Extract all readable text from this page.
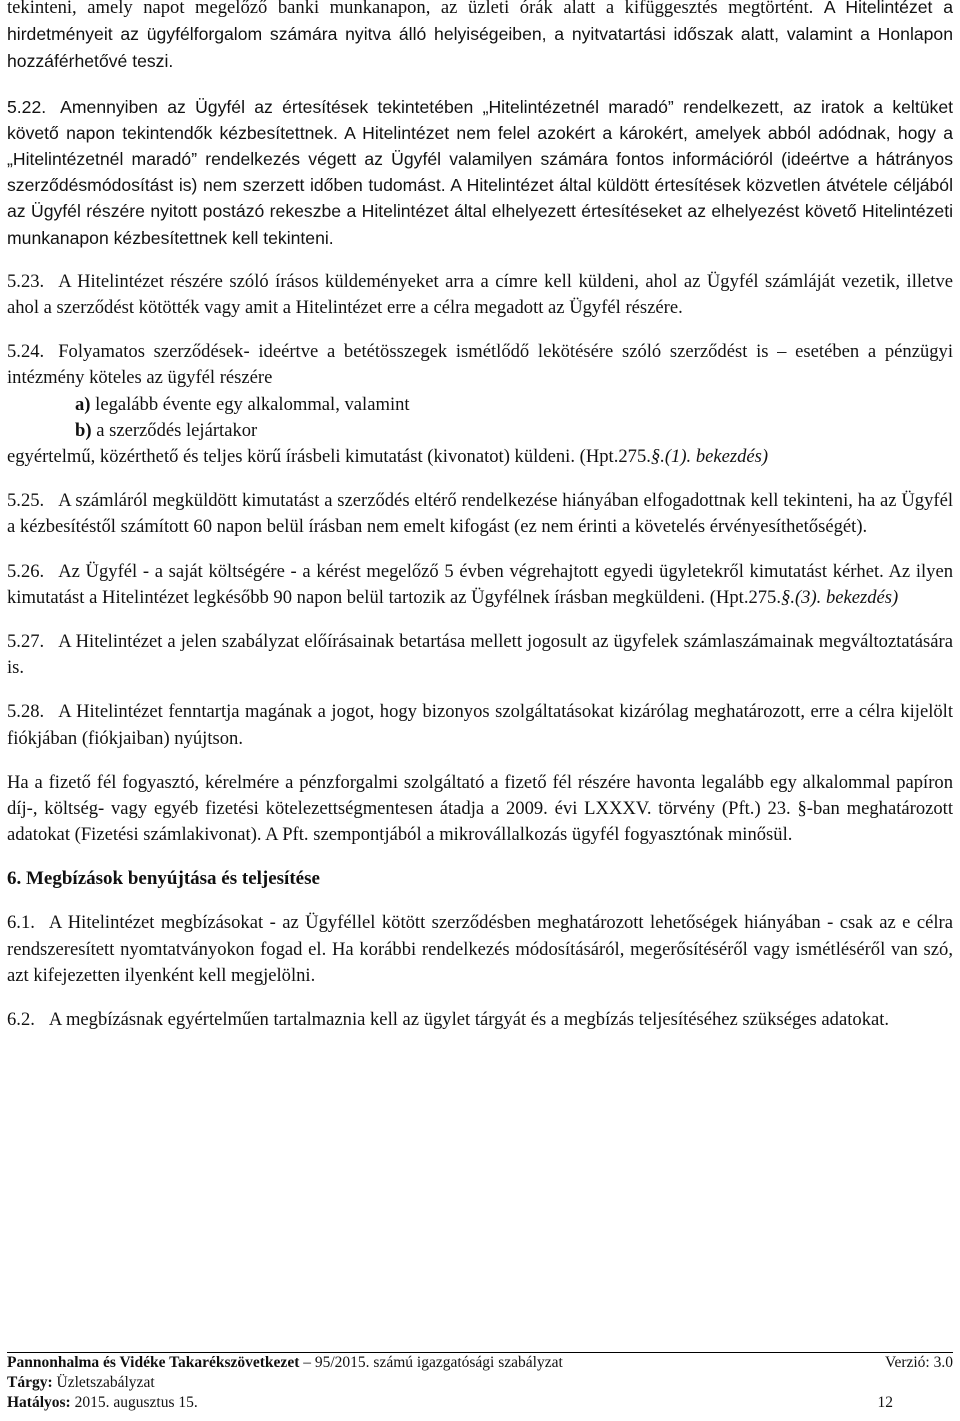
tekinteni, amely napot megelőző banki munkanapon, az üzleti órák alatt a kifüggesztés megtörtént. A Hitelintézet a hirdetményeit az ügyfélforgalom számára nyitva álló helyiségeiben, a nyitvatartási időszak alatt, valamint a Honlapon hozzáférhetővé teszi.

5.22. Amennyiben az Ügyfél az értesítések tekintetében „Hitelintézetnél maradó” rendelkezett, az iratok a keltüket követő napon tekintendők kézbesítettnek. A Hitelintézet nem felel azokért a károkért, amelyek abból adódnak, hogy a „Hitelintézetnél maradó” rendelkezés végett az Ügyfél valamilyen számára fontos információról (ideértve a hátrányos szerződésmódosítást is) nem szerzett időben tudomást. A Hitelintézet által küldött értesítések közvetlen átvétele céljából az Ügyfél részére nyitott postázó rekeszbe a Hitelintézet által elhelyezett értesítéseket az elhelyezést követő Hitelintézeti munkanapon kézbesítettnek kell tekinteni.

5.23. A Hitelintézet részére szóló írásos küldeményeket arra a címre kell küldeni, ahol az Ügyfél számláját vezetik, illetve ahol a szerződést kötötték vagy amit a Hitelintézet erre a célra megadott az Ügyfél részére.

5.24. Folyamatos szerződések- ideértve a betétösszegek ismétlődő lekötésére szóló szerződést is – esetében a pénzügyi intézmény köteles az ügyfél részére

a) legalább évente egy alkalommal, valamint

b) a szerződés lejártakor

egyértelmű, közérthető és teljes körű írásbeli kimutatást (kivonatot) küldeni. (Hpt.275.§.(1). bekezdés)

5.25. A számláról megküldött kimutatást a szerződés eltérő rendelkezése hiányában elfogadottnak kell tekinteni, ha az Ügyfél a kézbesítéstől számított 60 napon belül írásban nem emelt kifogást (ez nem érinti a követelés érvényesíthetőségét).

5.26. Az Ügyfél - a saját költségére - a kérést megelőző 5 évben végrehajtott egyedi ügyletekről kimutatást kérhet. Az ilyen kimutatást a Hitelintézet legkésőbb 90 napon belül tartozik az Ügyfélnek írásban megküldeni. (Hpt.275.§.(3). bekezdés)

5.27. A Hitelintézet a jelen szabályzat előírásainak betartása mellett jogosult az ügyfelek számlaszámainak megváltoztatására is.

5.28. A Hitelintézet fenntartja magának a jogot, hogy bizonyos szolgáltatásokat kizárólag meghatározott, erre a célra kijelölt fiókjában (fiókjaiban) nyújtson.

Ha a fizető fél fogyasztó, kérelmére a pénzforgalmi szolgáltató a fizető fél részére havonta legalább egy alkalommal papíron díj-, költség- vagy egyéb fizetési kötelezettségmentesen átadja a 2009. évi LXXXV. törvény (Pft.) 23. §-ban meghatározott adatokat (Fizetési számlakivonat). A Pft. szempontjából a mikrovállalkozás ügyfél fogyasztónak minősül.

6. Megbízások benyújtása és teljesítése

6.1. A Hitelintézet megbízásokat - az Ügyféllel kötött szerződésben meghatározott lehetőségek hiányában - csak az e célra rendszeresített nyomtatványokon fogad el. Ha korábbi rendelkezés módosításáról, megerősítéséről vagy ismétléséről van szó, azt kifejezetten ilyenként kell megjelölni.

6.2. A megbízásnak egyértelműen tartalmaznia kell az ügylet tárgyát és a megbízás teljesítéséhez szükséges adatokat.

Pannonhalma és Vidéke Takarékszövetkezet – 95/2015. számú igazgatósági szabályzat	Verzió: 3.0
Tárgy: Üzletszabályzat
Hatályos: 2015. augusztus 15.	12
